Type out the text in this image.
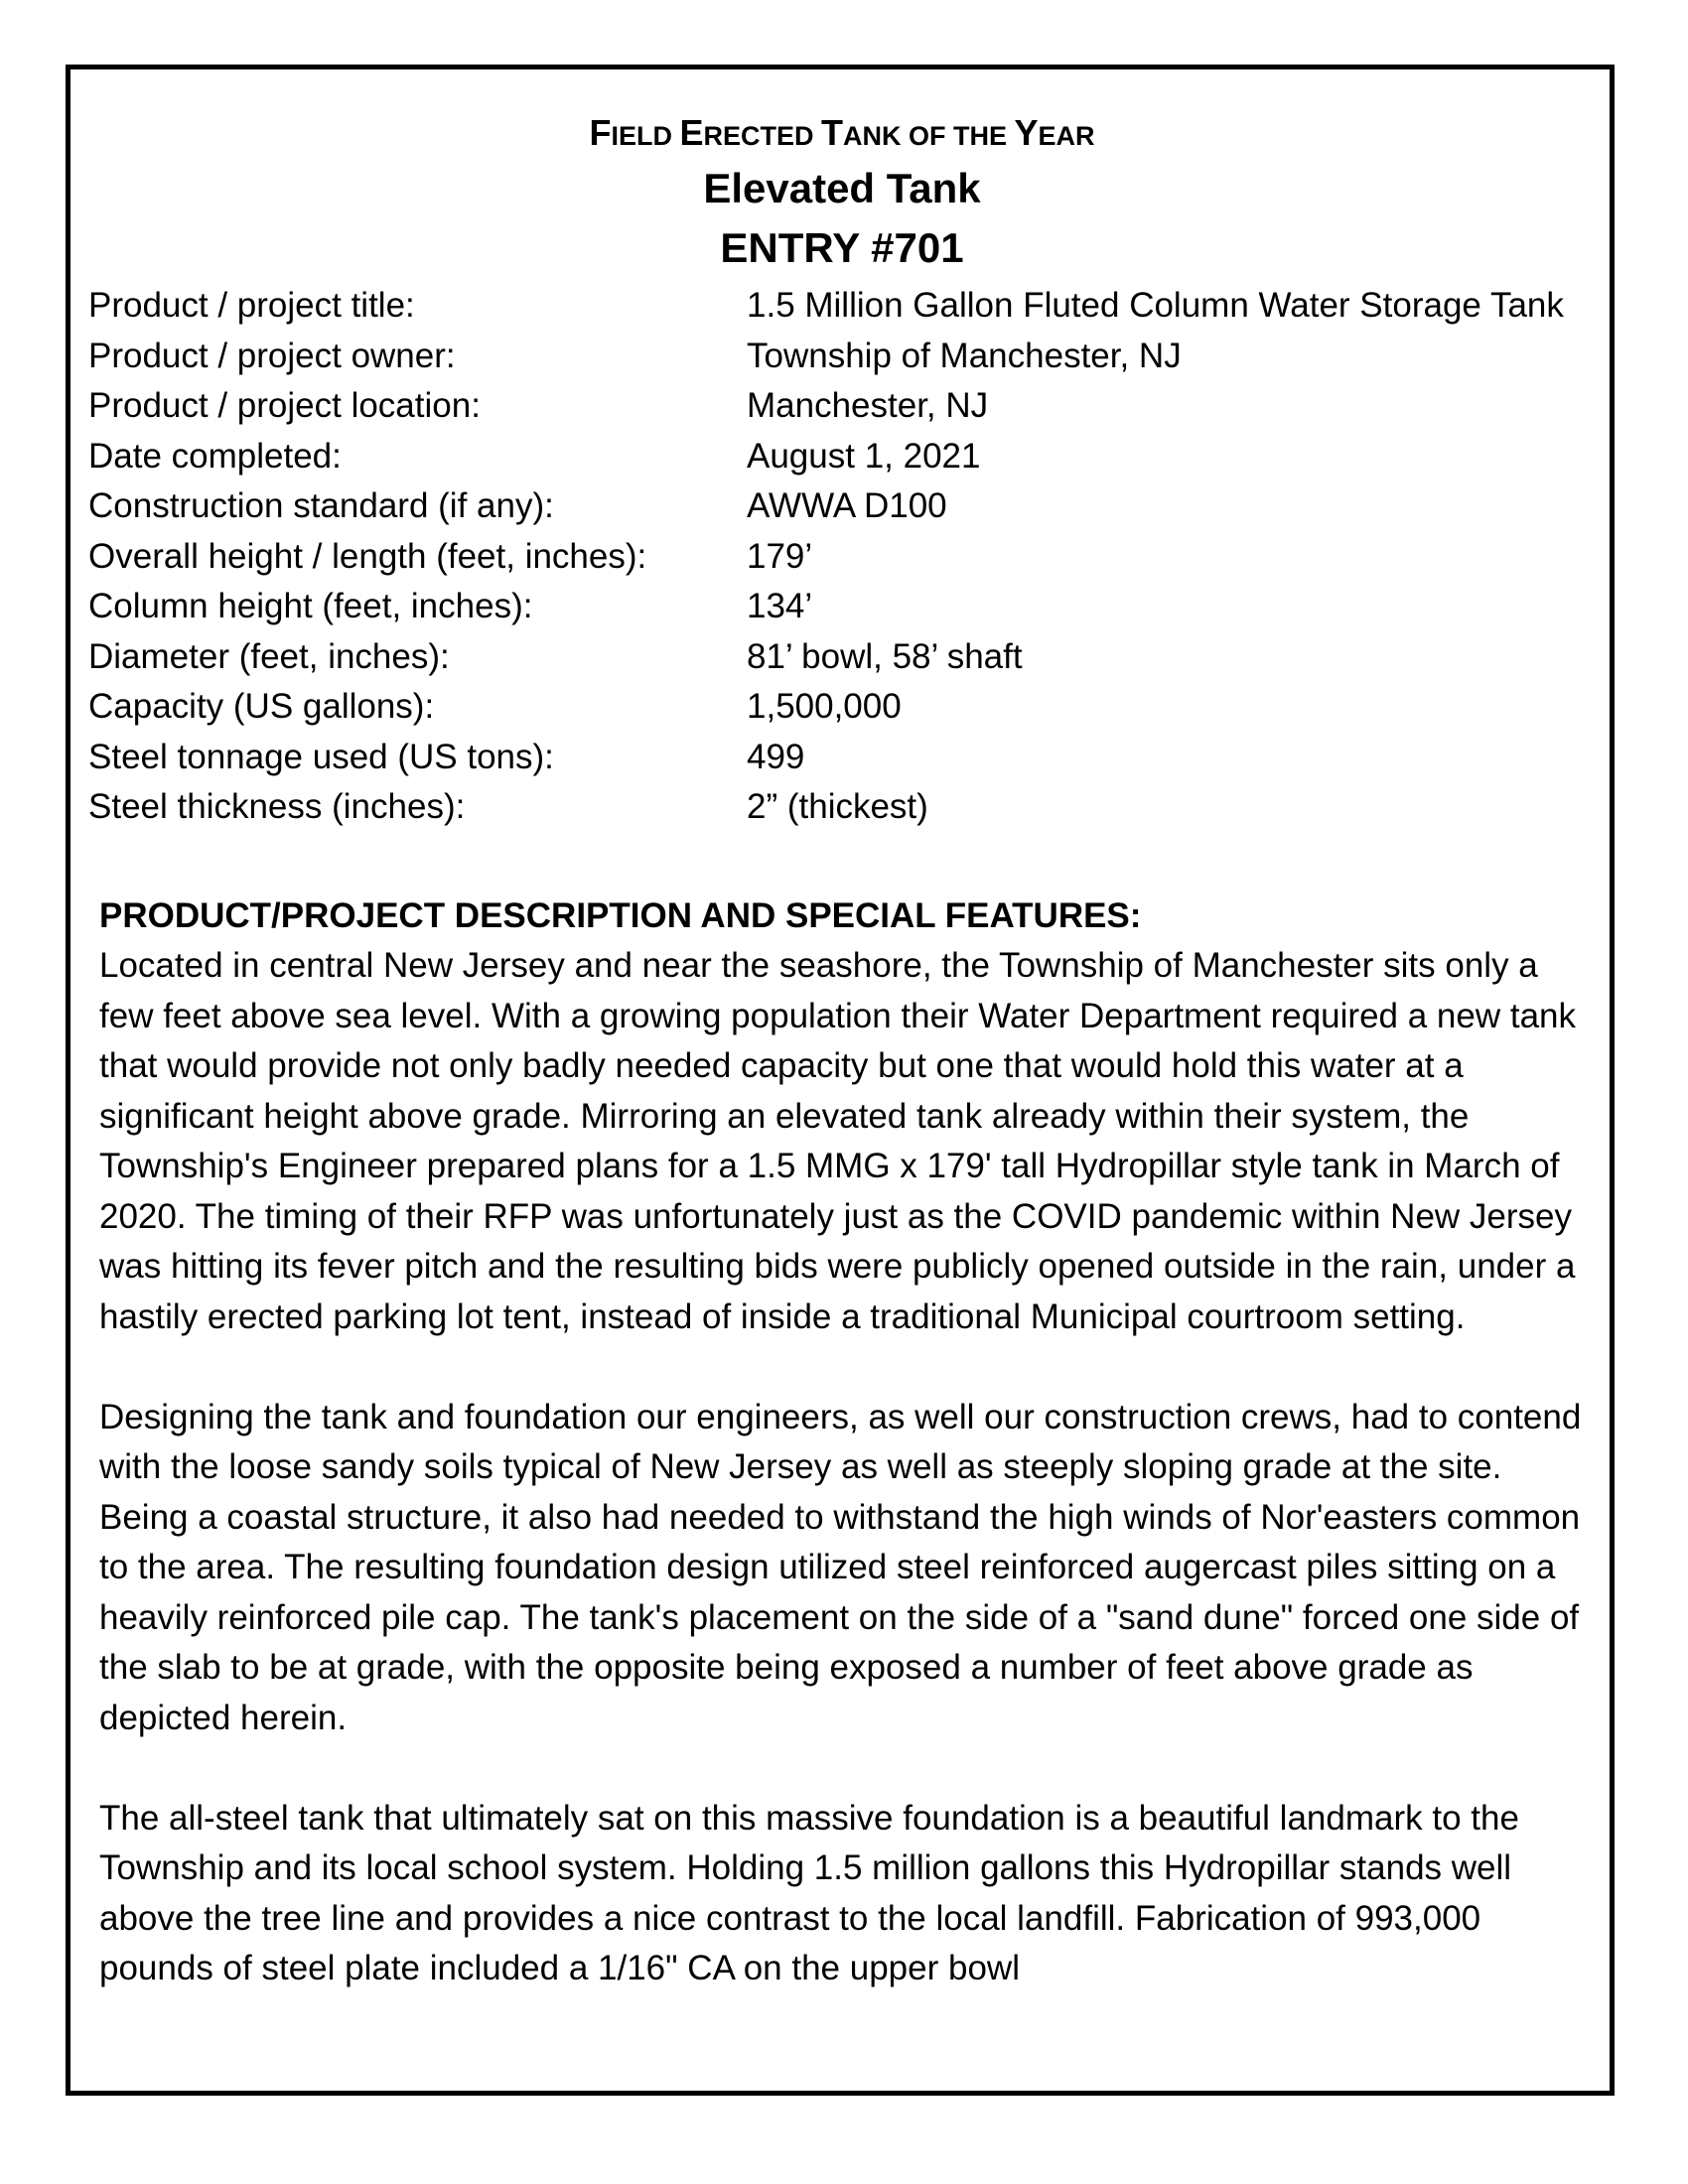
FIELD ERECTED TANK OF THE YEAR
Elevated Tank
ENTRY #701
Product / project title:	1.5 Million Gallon Fluted Column Water Storage Tank
Product / project owner:	Township of Manchester, NJ
Product / project location:	Manchester, NJ
Date completed:	August 1, 2021
Construction standard (if any):	AWWA D100
Overall height / length (feet, inches):	179’
Column height (feet, inches):	134’
Diameter (feet, inches):	81’ bowl, 58’ shaft
Capacity (US gallons):	1,500,000
Steel tonnage used (US tons):	499
Steel thickness (inches):	2” (thickest)
PRODUCT/PROJECT DESCRIPTION AND SPECIAL FEATURES:

Located in central New Jersey and near the seashore, the Township of Manchester sits only a few feet above sea level. With a growing population their Water Department required a new tank that would provide not only badly needed capacity but one that would hold this water at a significant height above grade. Mirroring an elevated tank already within their system, the Township's Engineer prepared plans for a 1.5 MMG x 179' tall Hydropillar style tank in March of 2020. The timing of their RFP was unfortunately just as the COVID pandemic within New Jersey was hitting its fever pitch and the resulting bids were publicly opened outside in the rain, under a hastily erected parking lot tent, instead of inside a traditional Municipal courtroom setting.

Designing the tank and foundation our engineers, as well our construction crews, had to contend with the loose sandy soils typical of New Jersey as well as steeply sloping grade at the site. Being a coastal structure, it also had needed to withstand the high winds of Nor'easters common to the area. The resulting foundation design utilized steel reinforced augercast piles sitting on a heavily reinforced pile cap. The tank's placement on the side of a "sand dune" forced one side of the slab to be at grade, with the opposite being exposed a number of feet above grade as depicted herein.

The all-steel tank that ultimately sat on this massive foundation is a beautiful landmark to the Township and its local school system. Holding 1.5 million gallons this Hydropillar stands well above the tree line and provides a nice contrast to the local landfill. Fabrication of 993,000 pounds of steel plate included a 1/16" CA on the upper bowl
